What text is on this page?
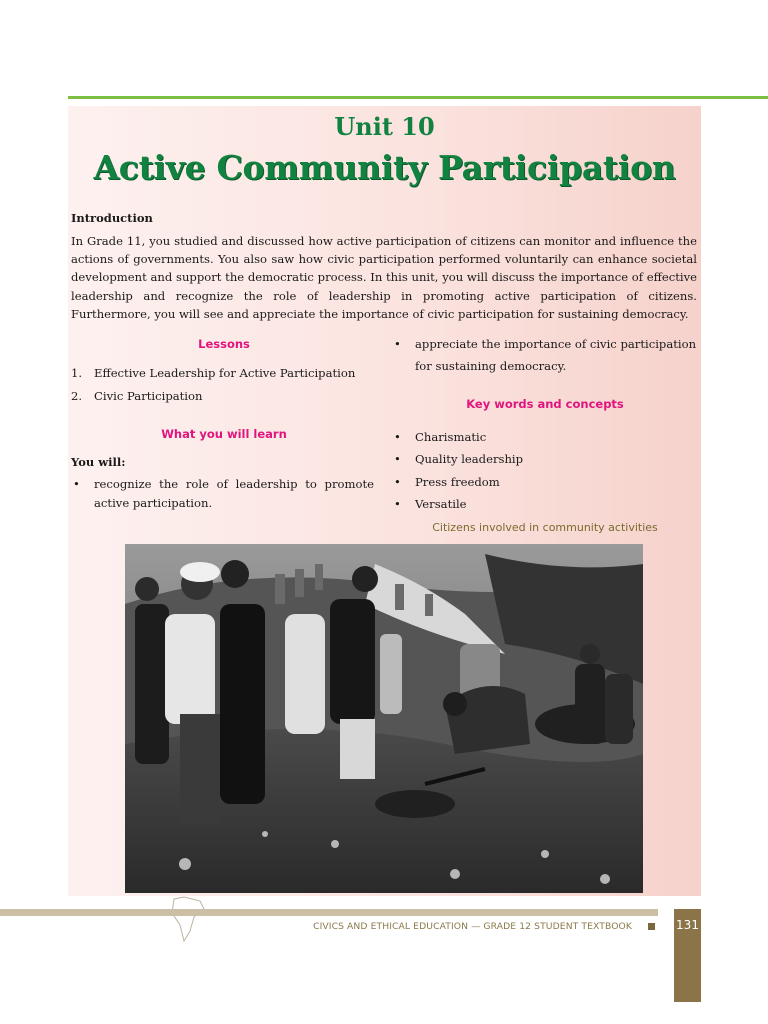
Unit 10
Active Community Participation

Introduction

In Grade 11, you studied and discussed how active participation of citizens can monitor and influence the actions of governments. You also saw how civic participation performed voluntarily can enhance societal development and support the democratic process. In this unit, you will discuss the importance of effective leadership and recognize the role of leadership in promoting active participation of citizens. Furthermore, you will see and appreciate the importance of civic participation for sustaining democracy.

Lessons
1. Effective Leadership for Active Participation
2. Civic Participation
What you will learn

You will:

• recognize the role of leadership to promote active participation.
• appreciate the importance of civic participation for sustaining democracy.
Key words and concepts
• Charismatic
• Quality leadership
• Press freedom
• Versatile

Citizens involved in community activities

CIVICS AND ETHICAL EDUCATION — GRADE 12 STUDENT TEXTBOOK	131
